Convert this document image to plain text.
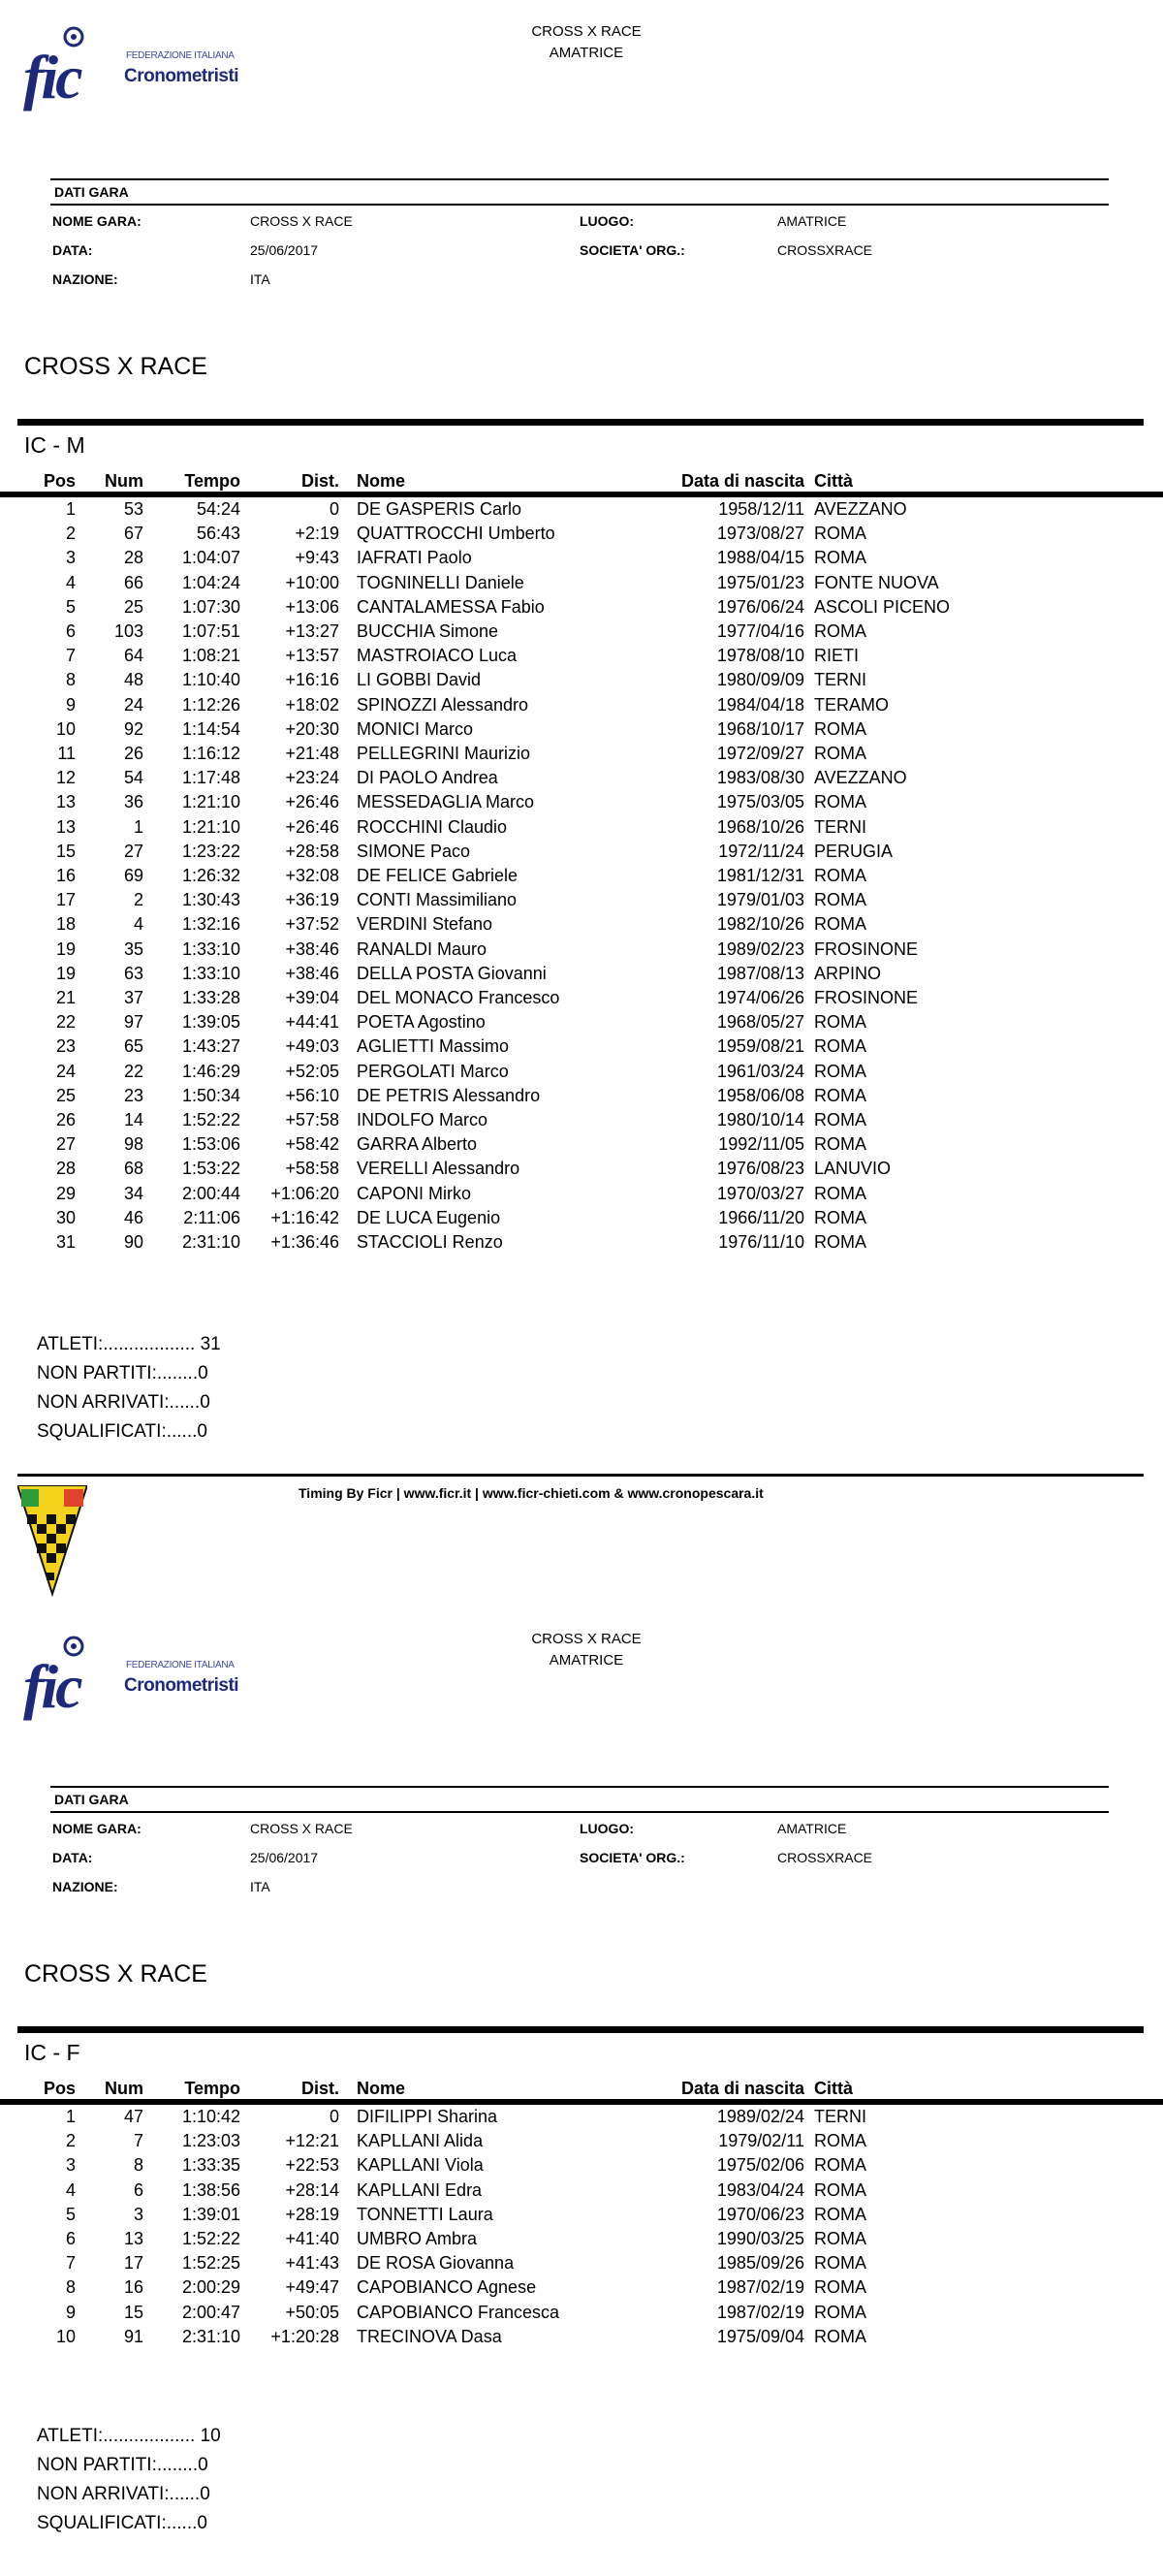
fic	FEDERAZIONE ITALIANA
Cronometristi
CROSS X RACE
AMATRICE
DATI GARA
NOME GARA:	CROSS X RACE	LUOGO:	AMATRICE
DATA:	25/06/2017	SOCIETA' ORG.:	CROSSXRACE
NAZIONE:	ITA
CROSS X RACE
IC - M
Pos	Num	Tempo	Dist.	Nome	Data di nascita	Città
1	53	54:24	0	DE GASPERIS Carlo	1958/12/11	AVEZZANO
2	67	56:43	+2:19	QUATTROCCHI Umberto	1973/08/27	ROMA
3	28	1:04:07	+9:43	IAFRATI Paolo	1988/04/15	ROMA
4	66	1:04:24	+10:00	TOGNINELLI Daniele	1975/01/23	FONTE NUOVA
5	25	1:07:30	+13:06	CANTALAMESSA Fabio	1976/06/24	ASCOLI PICENO
6	103	1:07:51	+13:27	BUCCHIA Simone	1977/04/16	ROMA
7	64	1:08:21	+13:57	MASTROIACO Luca	1978/08/10	RIETI
8	48	1:10:40	+16:16	LI GOBBI David	1980/09/09	TERNI
9	24	1:12:26	+18:02	SPINOZZI Alessandro	1984/04/18	TERAMO
10	92	1:14:54	+20:30	MONICI Marco	1968/10/17	ROMA
11	26	1:16:12	+21:48	PELLEGRINI Maurizio	1972/09/27	ROMA
12	54	1:17:48	+23:24	DI PAOLO Andrea	1983/08/30	AVEZZANO
13	36	1:21:10	+26:46	MESSEDAGLIA Marco	1975/03/05	ROMA
13	1	1:21:10	+26:46	ROCCHINI Claudio	1968/10/26	TERNI
15	27	1:23:22	+28:58	SIMONE Paco	1972/11/24	PERUGIA
16	69	1:26:32	+32:08	DE FELICE Gabriele	1981/12/31	ROMA
17	2	1:30:43	+36:19	CONTI Massimiliano	1979/01/03	ROMA
18	4	1:32:16	+37:52	VERDINI Stefano	1982/10/26	ROMA
19	35	1:33:10	+38:46	RANALDI Mauro	1989/02/23	FROSINONE
19	63	1:33:10	+38:46	DELLA POSTA Giovanni	1987/08/13	ARPINO
21	37	1:33:28	+39:04	DEL MONACO Francesco	1974/06/26	FROSINONE
22	97	1:39:05	+44:41	POETA Agostino	1968/05/27	ROMA
23	65	1:43:27	+49:03	AGLIETTI Massimo	1959/08/21	ROMA
24	22	1:46:29	+52:05	PERGOLATI Marco	1961/03/24	ROMA
25	23	1:50:34	+56:10	DE PETRIS Alessandro	1958/06/08	ROMA
26	14	1:52:22	+57:58	INDOLFO Marco	1980/10/14	ROMA
27	98	1:53:06	+58:42	GARRA Alberto	1992/11/05	ROMA
28	68	1:53:22	+58:58	VERELLI Alessandro	1976/08/23	LANUVIO
29	34	2:00:44	+1:06:20	CAPONI Mirko	1970/03/27	ROMA
30	46	2:11:06	+1:16:42	DE LUCA Eugenio	1966/11/20	ROMA
31	90	2:31:10	+1:36:46	STACCIOLI Renzo	1976/11/10	ROMA
ATLETI:.................. 31
NON PARTITI:........0
NON ARRIVATI:......0
SQUALIFICATI:......0
Timing By Ficr | www.ficr.it | www.ficr-chieti.com & www.cronopescara.it
fic	FEDERAZIONE ITALIANA
Cronometristi
CROSS X RACE
AMATRICE
DATI GARA
NOME GARA:	CROSS X RACE	LUOGO:	AMATRICE
DATA:	25/06/2017	SOCIETA' ORG.:	CROSSXRACE
NAZIONE:	ITA
CROSS X RACE
IC - F
Pos	Num	Tempo	Dist.	Nome	Data di nascita	Città
1	47	1:10:42	0	DIFILIPPI Sharina	1989/02/24	TERNI
2	7	1:23:03	+12:21	KAPLLANI Alida	1979/02/11	ROMA
3	8	1:33:35	+22:53	KAPLLANI Viola	1975/02/06	ROMA
4	6	1:38:56	+28:14	KAPLLANI Edra	1983/04/24	ROMA
5	3	1:39:01	+28:19	TONNETTI Laura	1970/06/23	ROMA
6	13	1:52:22	+41:40	UMBRO Ambra	1990/03/25	ROMA
7	17	1:52:25	+41:43	DE ROSA Giovanna	1985/09/26	ROMA
8	16	2:00:29	+49:47	CAPOBIANCO Agnese	1987/02/19	ROMA
9	15	2:00:47	+50:05	CAPOBIANCO Francesca	1987/02/19	ROMA
10	91	2:31:10	+1:20:28	TRECINOVA Dasa	1975/09/04	ROMA
ATLETI:.................. 10
NON PARTITI:........0
NON ARRIVATI:......0
SQUALIFICATI:......0
